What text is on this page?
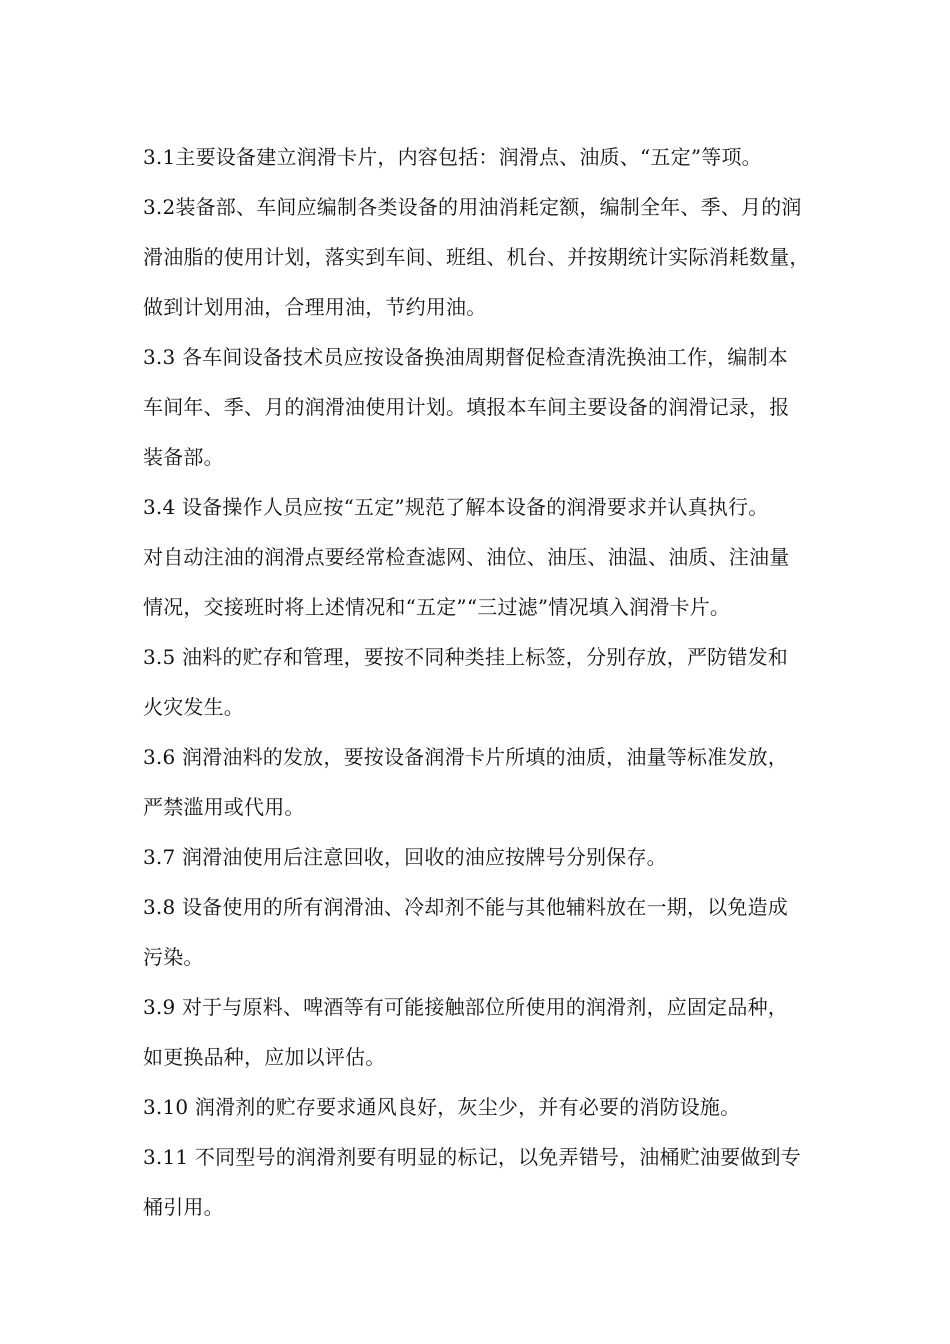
3.1主要设备建立润滑卡片，内容包括：润滑点、油质、“五定”等项。
3.2装备部、车间应编制各类设备的用油消耗定额，编制全年、季、月的润
滑油脂的使用计划，落实到车间、班组、机台、并按期统计实际消耗数量，
做到计划用油，合理用油，节约用油。
3.3 各车间设备技术员应按设备换油周期督促检查清洗换油工作，编制本
车间年、季、月的润滑油使用计划。填报本车间主要设备的润滑记录，报
装备部。
3.4 设备操作人员应按“五定”规范了解本设备的润滑要求并认真执行。
对自动注油的润滑点要经常检查滤网、油位、油压、油温、油质、注油量
情况，交接班时将上述情况和“五定”“三过滤”情况填入润滑卡片。
3.5 油料的贮存和管理，要按不同种类挂上标签，分别存放，严防错发和
火灾发生。
3.6 润滑油料的发放，要按设备润滑卡片所填的油质，油量等标准发放，
严禁滥用或代用。
3.7 润滑油使用后注意回收，回收的油应按牌号分别保存。
3.8 设备使用的所有润滑油、冷却剂不能与其他辅料放在一期，以免造成
污染。
3.9 对于与原料、啤酒等有可能接触部位所使用的润滑剂，应固定品种，
如更换品种，应加以评估。
3.10 润滑剂的贮存要求通风良好，灰尘少，并有必要的消防设施。
3.11 不同型号的润滑剂要有明显的标记，以免弄错号，油桶贮油要做到专
桶引用。
